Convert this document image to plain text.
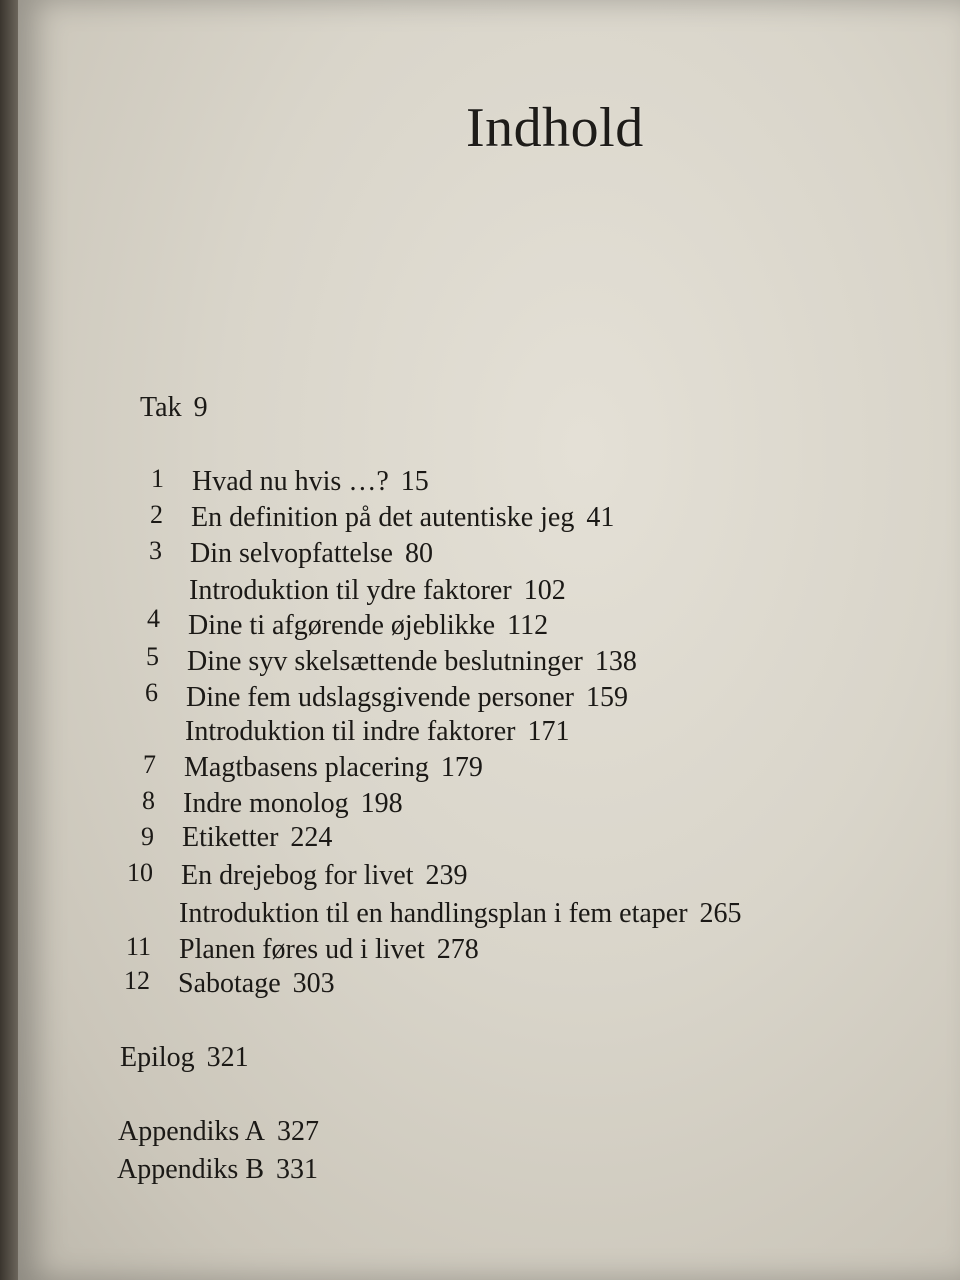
Indhold
Tak 9
1 Hvad nu hvis …? 15
2 En definition på det autentiske jeg 41
3 Din selvopfattelse 80
Introduktion til ydre faktorer 102
4 Dine ti afgørende øjeblikke 112
5 Dine syv skelsættende beslutninger 138
6 Dine fem udslagsgivende personer 159
Introduktion til indre faktorer 171
7 Magtbasens placering 179
8 Indre monolog 198
9 Etiketter 224
10 En drejebog for livet 239
Introduktion til en handlingsplan i fem etaper 265
11 Planen føres ud i livet 278
12 Sabotage 303
Epilog 321
Appendiks A 327
Appendiks B 331
